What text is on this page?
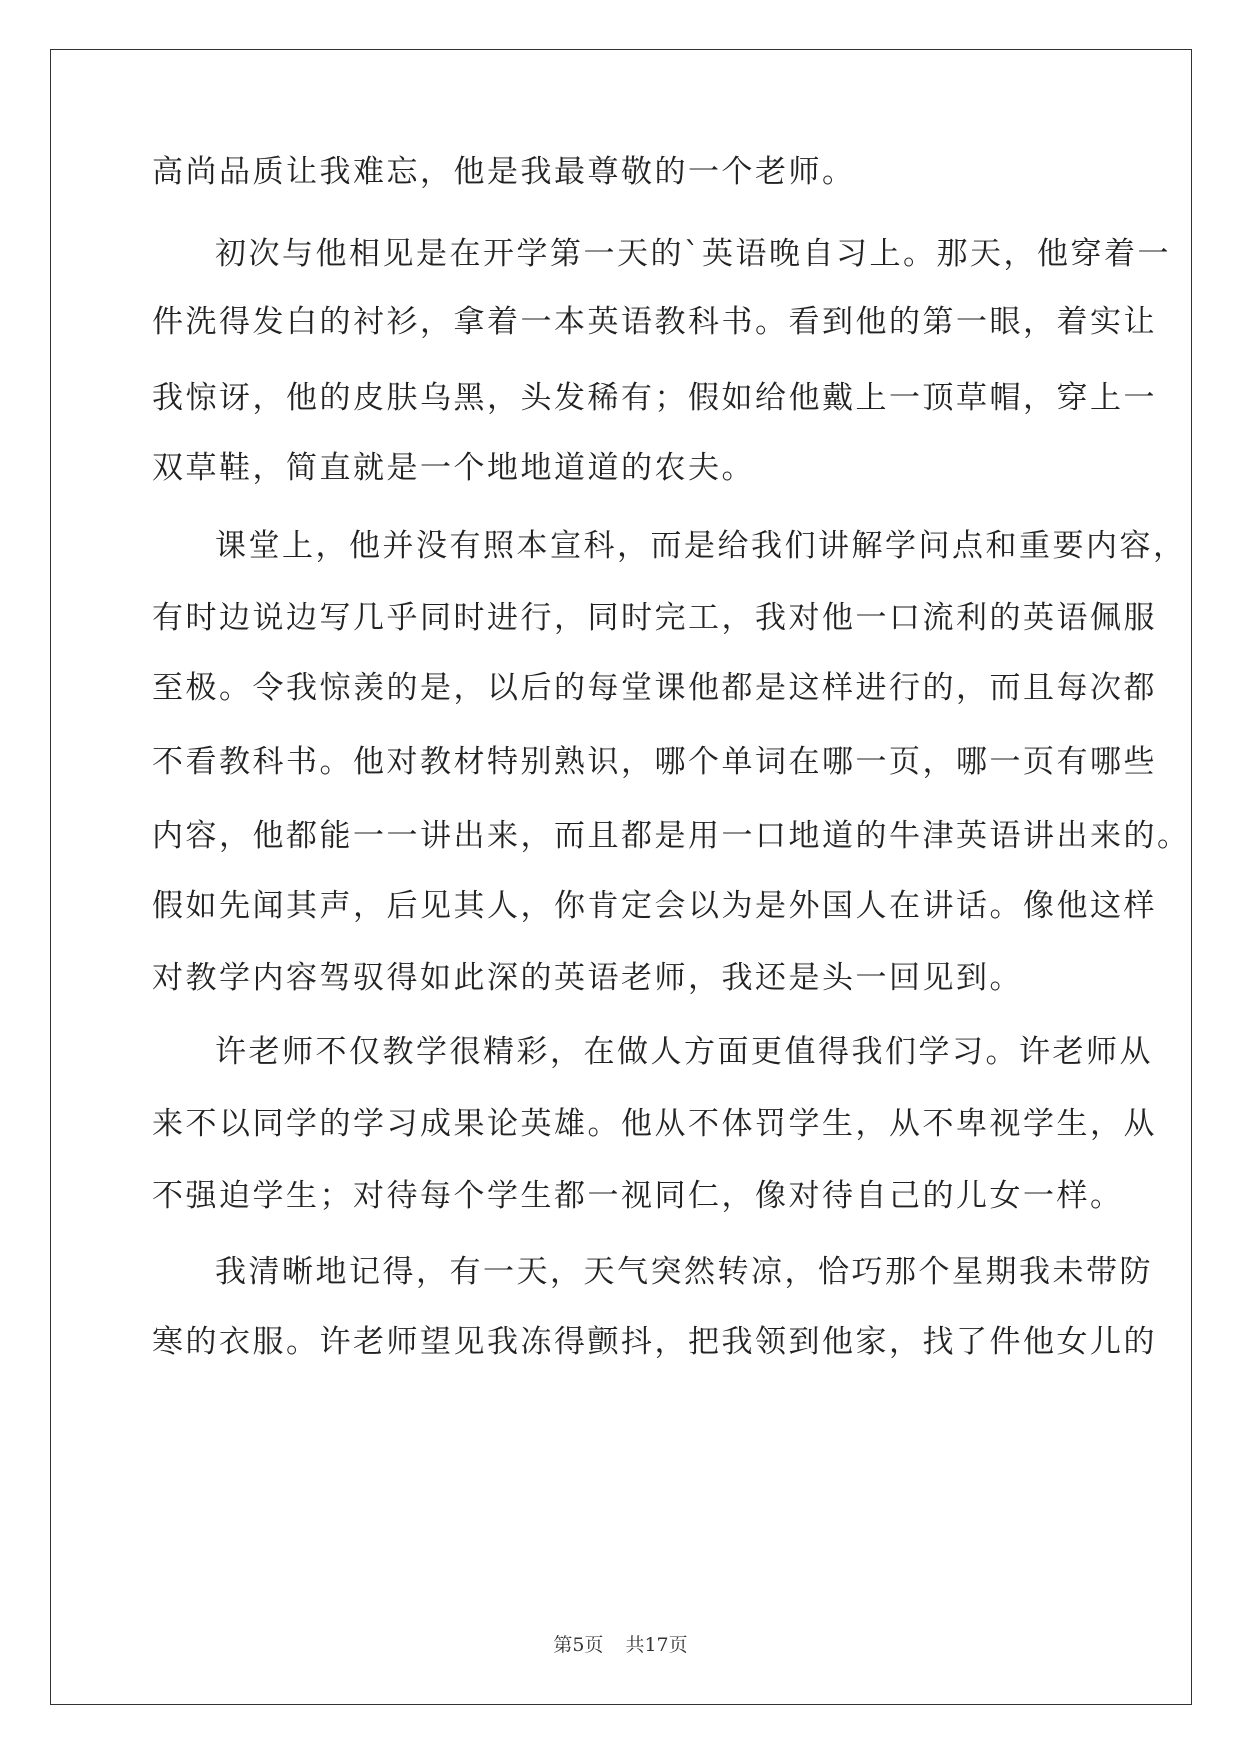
高尚品质让我难忘，他是我最尊敬的一个老师。
初次与他相见是在开学第一天的`英语晚自习上。那天，他穿着一
件洗得发白的衬衫，拿着一本英语教科书。看到他的第一眼，着实让
我惊讶，他的皮肤乌黑，头发稀有；假如给他戴上一顶草帽，穿上一
双草鞋，简直就是一个地地道道的农夫。
课堂上，他并没有照本宣科，而是给我们讲解学问点和重要内容，
有时边说边写几乎同时进行，同时完工，我对他一口流利的英语佩服
至极。令我惊羡的是，以后的每堂课他都是这样进行的，而且每次都
不看教科书。他对教材特别熟识，哪个单词在哪一页，哪一页有哪些
内容，他都能一一讲出来，而且都是用一口地道的牛津英语讲出来的。
假如先闻其声，后见其人，你肯定会以为是外国人在讲话。像他这样
对教学内容驾驭得如此深的英语老师，我还是头一回见到。
许老师不仅教学很精彩，在做人方面更值得我们学习。许老师从
来不以同学的学习成果论英雄。他从不体罚学生，从不卑视学生，从
不强迫学生；对待每个学生都一视同仁，像对待自己的儿女一样。
我清晰地记得，有一天，天气突然转凉，恰巧那个星期我未带防
寒的衣服。许老师望见我冻得颤抖，把我领到他家，找了件他女儿的
第5页 共17页
